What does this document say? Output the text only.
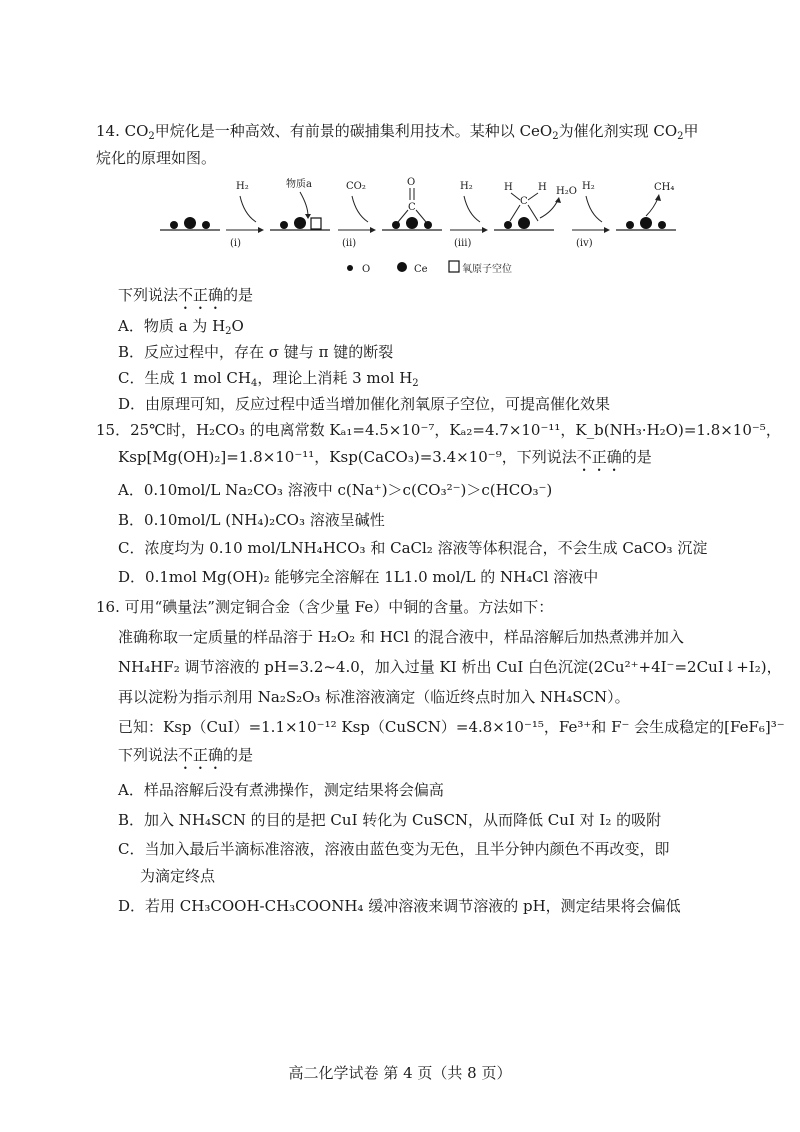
14. $CO_2$甲烷化是一种高效、有前景的碳捕集利用技术。某种以 CeO$_2$为催化剂实现 $CO_2$甲
烷化的原理如图。
H₂
(ⅰ)
物质a	CO₂
(ⅱ)
O
C
H₂
(ⅲ)
H	H
C
H₂O H₂
(ⅳ)
CH₄
O	Ce	氧原子空位
下列说法不正确的是
A．物质 a 为 $H_2O$
B．反应过程中，存在 σ 键与 π 键的断裂
C．生成 1 mol $CH_4$，理论上消耗 3 mol $H_2$
D．由原理可知，反应过程中适当增加催化剂氧原子空位，可提高催化效果
15．25℃时，H₂CO₃ 的电离常数 Kₐ₁=4.5×10⁻⁷，Kₐ₂=4.7×10⁻¹¹，K_b(NH₃·H₂O)=1.8×10⁻⁵，
Ksp[Mg(OH)₂]=1.8×10⁻¹¹，Ksp(CaCO₃)=3.4×10⁻⁹，下列说法不正确的是
A．0.10mol/L Na₂CO₃ 溶液中 c(Na⁺)＞c(CO₃²⁻)＞c(HCO₃⁻)
B．0.10mol/L (NH₄)₂CO₃ 溶液呈碱性
C．浓度均为 0.10 mol/LNH₄HCO₃ 和 CaCl₂ 溶液等体积混合，不会生成 CaCO₃ 沉淀
D．0.1mol Mg(OH)₂ 能够完全溶解在 1L1.0 mol/L 的 NH₄Cl 溶液中
16. 可用“碘量法”测定铜合金（含少量 Fe）中铜的含量。方法如下：
准确称取一定质量的样品溶于 H₂O₂ 和 HCl 的混合液中，样品溶解后加热煮沸并加入
NH₄HF₂ 调节溶液的 pH=3.2~4.0，加入过量 KI 析出 CuI 白色沉淀(2Cu²⁺+4I⁻=2CuI↓+I₂)，
再以淀粉为指示剂用 Na₂S₂O₃ 标准溶液滴定（临近终点时加入 NH₄SCN）。
已知：Ksp（CuI）=1.1×10⁻¹² Ksp（CuSCN）=4.8×10⁻¹⁵，Fe³⁺和 F⁻ 会生成稳定的[FeF₆]³⁻
下列说法不正确的是
A．样品溶解后没有煮沸操作，测定结果将会偏高
B．加入 NH₄SCN 的目的是把 CuI 转化为 CuSCN，从而降低 CuI 对 I₂ 的吸附
C．当加入最后半滴标准溶液，溶液由蓝色变为无色，且半分钟内颜色不再改变，即
为滴定终点
D．若用 CH₃COOH-CH₃COONH₄ 缓冲溶液来调节溶液的 pH，测定结果将会偏低
高二化学试卷 第 4 页（共 8 页）
